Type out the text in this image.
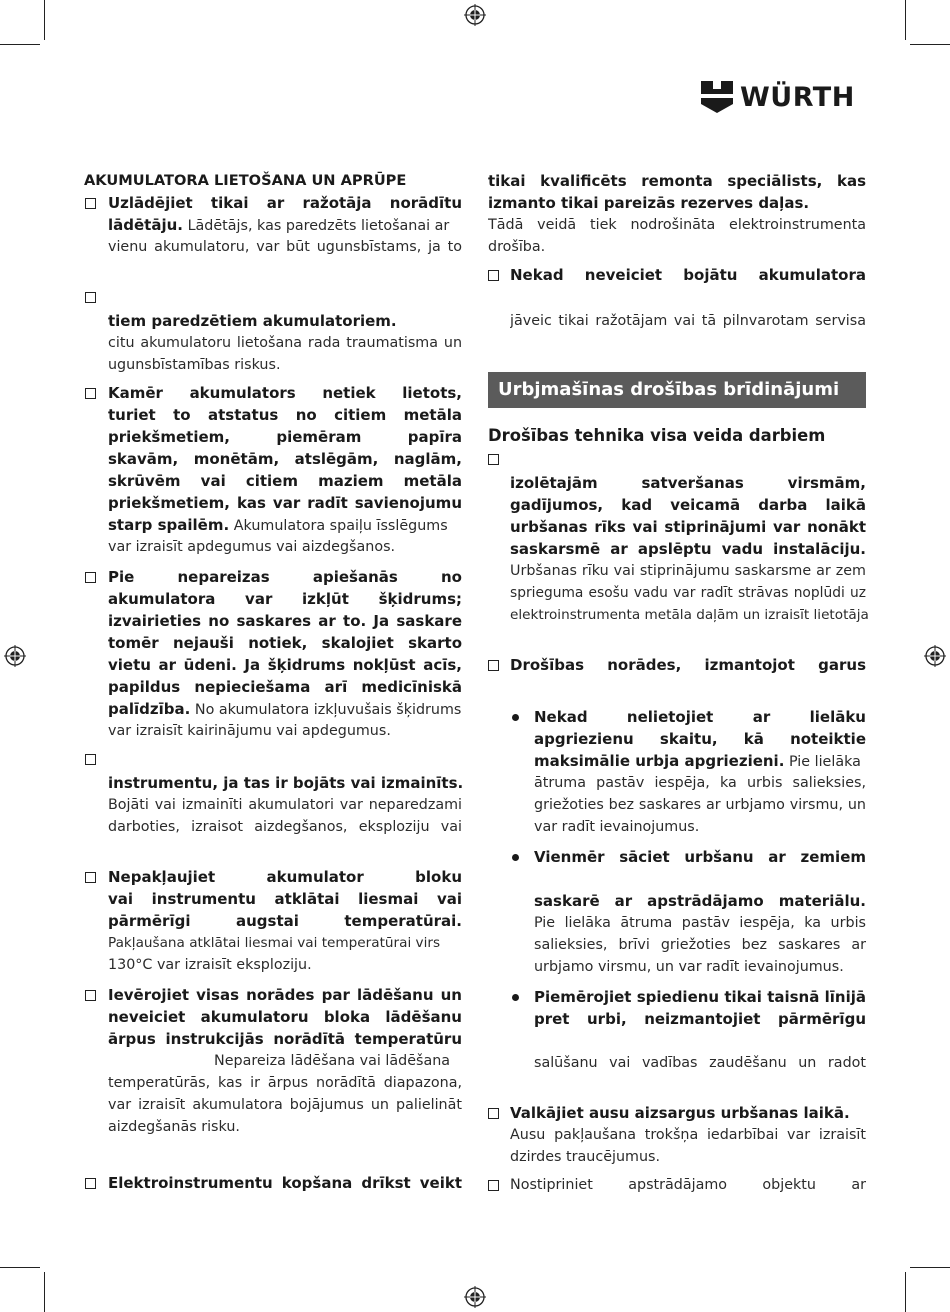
WÜRTH
AKUMULATORA LIETOŠANA UN APRŪPE
Uzlādējiet tikai ar ražotāja norādītu
lādētāju. Lādētājs, kas paredzēts lietošanai ar
vienu akumulatoru, var būt ugunsbīstams, ja to
tiem paredzētiem akumulatoriem.
citu akumulatoru lietošana rada traumatisma un
ugunsbīstamības riskus.
Kamēr akumulators netiek lietots,
turiet to atstatus no citiem metāla
priekšmetiem, piemēram papīra
skavām, monētām, atslēgām, naglām,
skrūvēm vai citiem maziem metāla
priekšmetiem, kas var radīt savienojumu
starp spailēm. Akumulatora spaiļu īsslēgums
var izraisīt apdegumus vai aizdegšanos.
Pie nepareizas apiešanās no
akumulatora var izkļūt šķidrums;
izvairieties no saskares ar to. Ja saskare
tomēr nejauši notiek, skalojiet skarto
vietu ar ūdeni. Ja šķidrums nokļūst acīs,
papildus nepieciešama arī medicīniskā
palīdzība. No akumulatora izkļuvušais šķidrums
var izraisīt kairinājumu vai apdegumus.
instrumentu, ja tas ir bojāts vai izmainīts.
Bojāti vai izmainīti akumulatori var neparedzami
darboties, izraisot aizdegšanos, eksploziju vai
Nepakļaujiet akumulator bloku
vai instrumentu atklātai liesmai vai
pārmērīgi augstai temperatūrai.
Pakļaušana atklātai liesmai vai temperatūrai virs
130°C var izraisīt eksploziju.
Ievērojiet visas norādes par lādēšanu un
neveiciet akumulatoru bloka lādēšanu
ārpus instrukcijās norādītā temperatūru
Nepareiza lādēšana vai lādēšana
temperatūrās, kas ir ārpus norādītā diapazona,
var izraisīt akumulatora bojājumus un palielināt
aizdegšanās risku.
Elektroinstrumentu kopšana drīkst veikt
tikai kvalificēts remonta speciālists, kas
izmanto tikai pareizās rezerves daļas.
Tādā veidā tiek nodrošināta elektroinstrumenta
drošība.
Nekad neveiciet bojātu akumulatora
jāveic tikai ražotājam vai tā pilnvarotam servisa
Urbjmašīnas drošības brīdinājumi
Drošības tehnika visa veida darbiem
izolētajām satveršanas virsmām,
gadījumos, kad veicamā darba laikā
urbšanas rīks vai stiprinājumi var nonākt
saskarsmē ar apslēptu vadu instalāciju.
Urbšanas rīku vai stiprinājumu saskarsme ar zem
sprieguma esošu vadu var radīt strāvas noplūdi uz
elektroinstrumenta metāla daļām un izraisīt lietotāja
Drošības norādes, izmantojot garus
Nekad nelietojiet ar lielāku
apgriezienu skaitu, kā noteiktie
maksimālie urbja apgriezieni. Pie lielāka
ātruma pastāv iespēja, ka urbis salieksies,
griežoties bez saskares ar urbjamo virsmu, un
var radīt ievainojumus.
Vienmēr sāciet urbšanu ar zemiem
saskarē ar apstrādājamo materiālu.
Pie lielāka ātruma pastāv iespēja, ka urbis
salieksies, brīvi griežoties bez saskares ar
urbjamo virsmu, un var radīt ievainojumus.
Piemērojiet spiedienu tikai taisnā līnijā
pret urbi, neizmantojiet pārmērīgu
salūšanu vai vadības zaudēšanu un radot
Valkājiet ausu aizsargus urbšanas laikā.
Ausu pakļaušana trokšņa iedarbībai var izraisīt
dzirdes traucējumus.
Nostipriniet apstrādājamo objektu ar
